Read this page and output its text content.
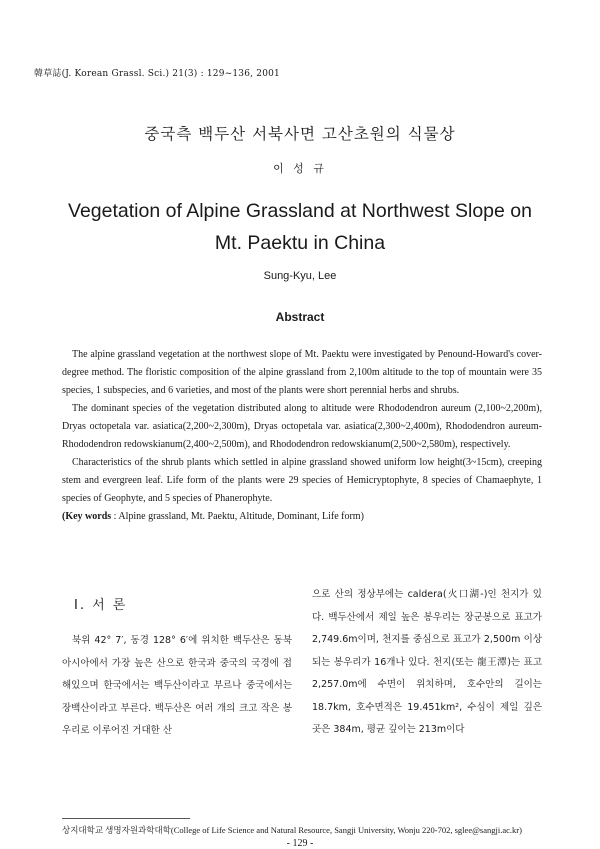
韓草誌(J. Korean Grassl. Sci.) 21(3) : 129~136, 2001
중국측 백두산 서북사면 고산초원의 식물상
이 성 규
Vegetation of Alpine Grassland at Northwest Slope on
Mt. Paektu in China
Sung-Kyu, Lee
Abstract

The alpine grassland vegetation at the northwest slope of Mt. Paektu were investigated by Penound-Howard's cover-degree method. The floristic composition of the alpine grassland from 2,100m altitude to the top of mountain were 35 species, 1 subspecies, and 6 varieties, and most of the plants were short perennial herbs and shrubs.

The dominant species of the vegetation distributed along to altitude were Rhododendron aureum (2,100~2,200m), Dryas octopetala var. asiatica(2,200~2,300m), Dryas octopetala var. asiatica(2,300~2,400m), Rhododendron aureum- Rhododendron redowskianum(2,400~2,500m), and Rhododendron redowskianum(2,500~2,580m), respectively.

Characteristics of the shrub plants which settled in alpine grassland showed uniform low height(3~15cm), creeping stem and evergreen leaf. Life form of the plants were 29 species of Hemicryptophyte, 8 species of Chamaephyte, 1 species of Geophyte, and 5 species of Phanerophyte.

(Key words : Alpine grassland, Mt. Paektu, Altitude, Dominant, Life form)

Ⅰ. 서 론

북위 42° 7′, 동경 128° 6′에 위치한 백두산은 동북아시아에서 가장 높은 산으로 한국과 중국의 국경에 접해있으며 한국에서는 백두산이라고 부르나 중국에서는 장백산이라고 부른다. 백두산은 여러 개의 크고 작은 봉우리로 이루어진 거대한 산

으로 산의 정상부에는 caldera(火口湖-)인 천지가 있다. 백두산에서 제일 높은 봉우리는 장군봉으로 표고가 2,749.6m이며, 천지를 중심으로 표고가 2,500m 이상되는 봉우리가 16개나 있다. 천지(또는 龍王潭)는 표고 2,257.0m에 수면이 위치하며, 호수안의 길이는 18.7km, 호수면적은 19.451km², 수심이 제일 깊은 곳은 384m, 평균 깊이는 213m이다

상지대학교 생명자원과학대학(College of Life Science and Natural Resource, Sangji University, Wonju 220-702, sglee@sangji.ac.kr)
- 129 -
